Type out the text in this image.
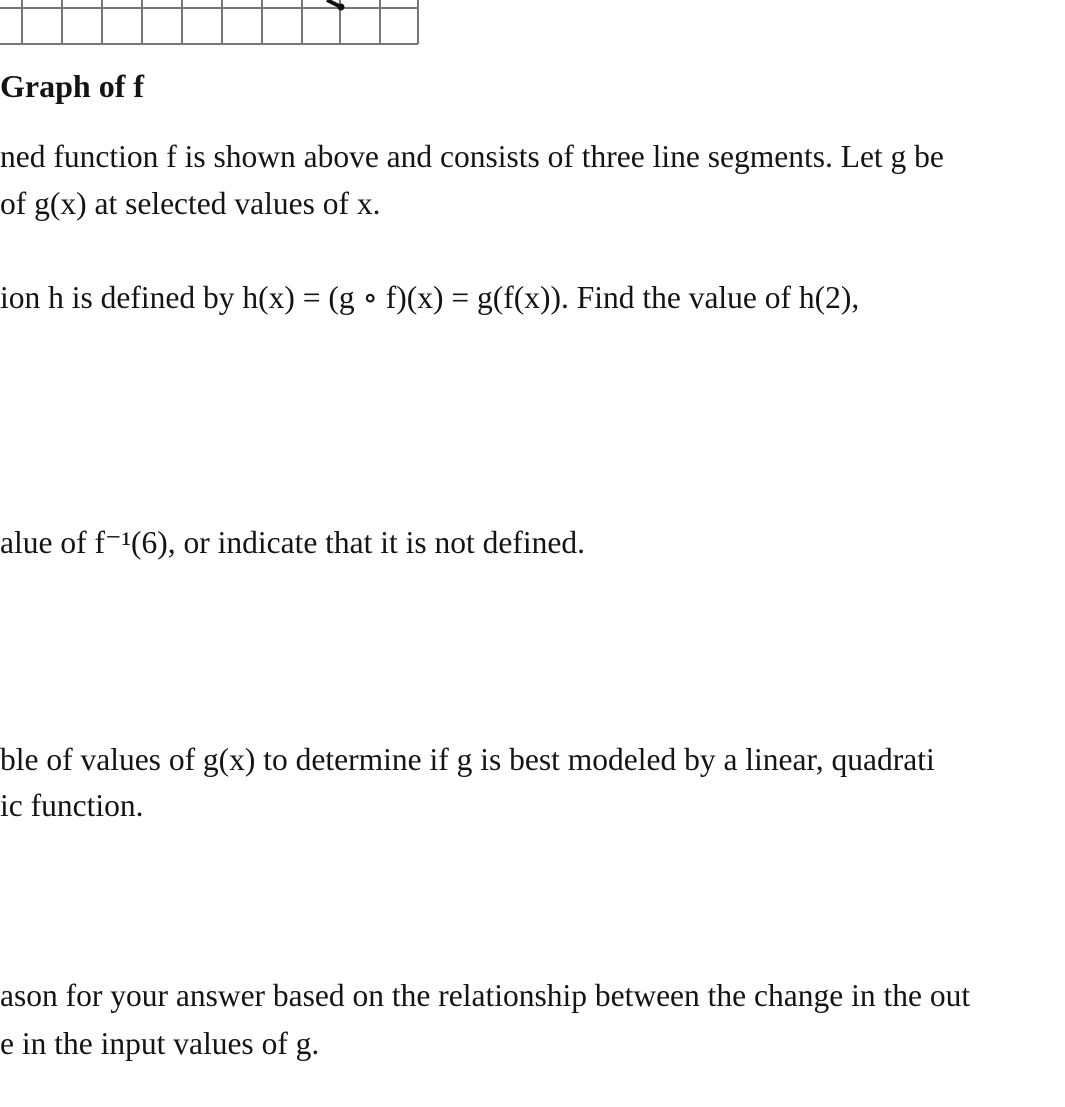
Graph of f
ned function f is shown above and consists of three line segments. Let g be
of g(x) at selected values of x.
ion h is defined by h(x) = (g ∘ f)(x) = g(f(x)). Find the value of h(2),
alue of f⁻¹(6), or indicate that it is not defined.
ble of values of g(x) to determine if g is best modeled by a linear, quadrati
ic function.
ason for your answer based on the relationship between the change in the out
e in the input values of g.
